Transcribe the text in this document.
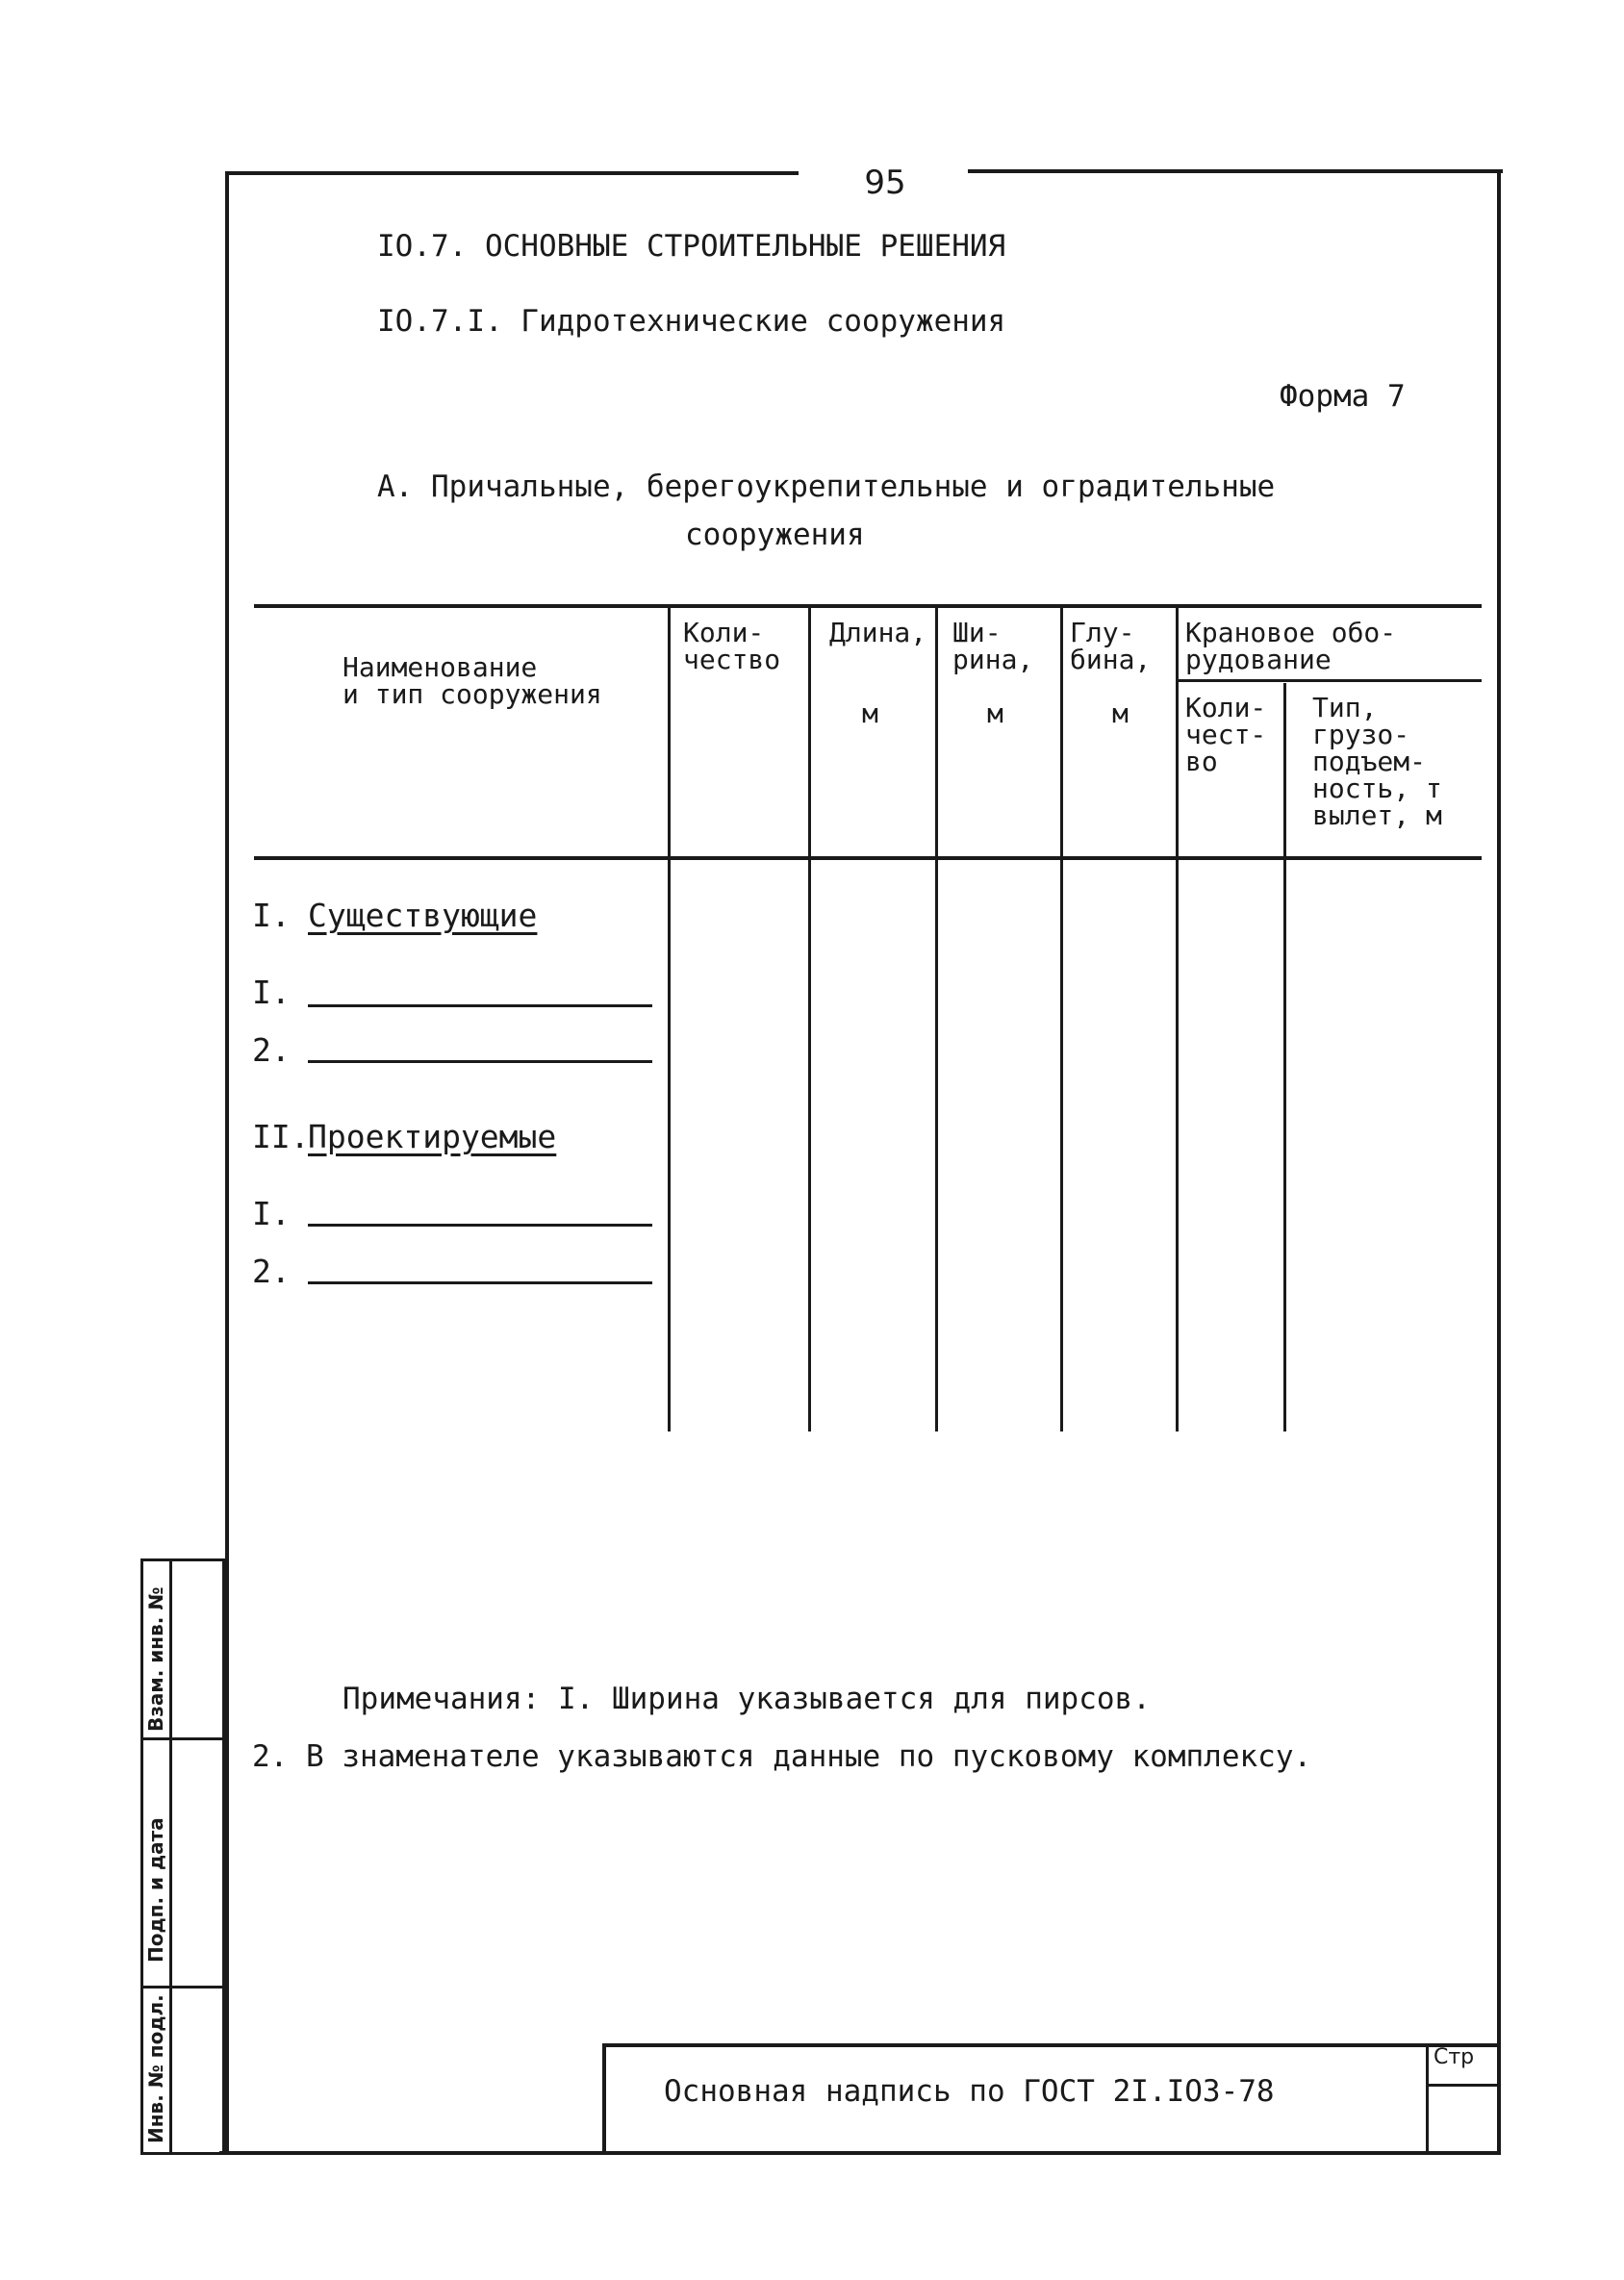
95
IO.7. ОСНОВНЫЕ СТРОИТЕЛЬНЫЕ РЕШЕНИЯ
IO.7.I. Гидротехнические сооружения
Форма 7
А. Причальные, берегоукрепительные и оградительные
сооружения
Наименование
и тип сооружения
Коли-
чество
Длина,
м
Ши-
рина,
м
Глу-
бина,
м
Крановое обо-
рудование
Коли-
чест-
во
Тип,
грузо-
подъем-
ность, т
вылет, м
I. Существующие
I.
2.
II.
Проектируемые
I.
2.
Примечания: I. Ширина указывается для пирсов.
2. В знаменателе указываются данные по пусковому комплексу.
Взам. инв. №
Подп. и дата
Инв. № подл.	Стр
Основная надпись по ГОСТ 2I.IO3-78
